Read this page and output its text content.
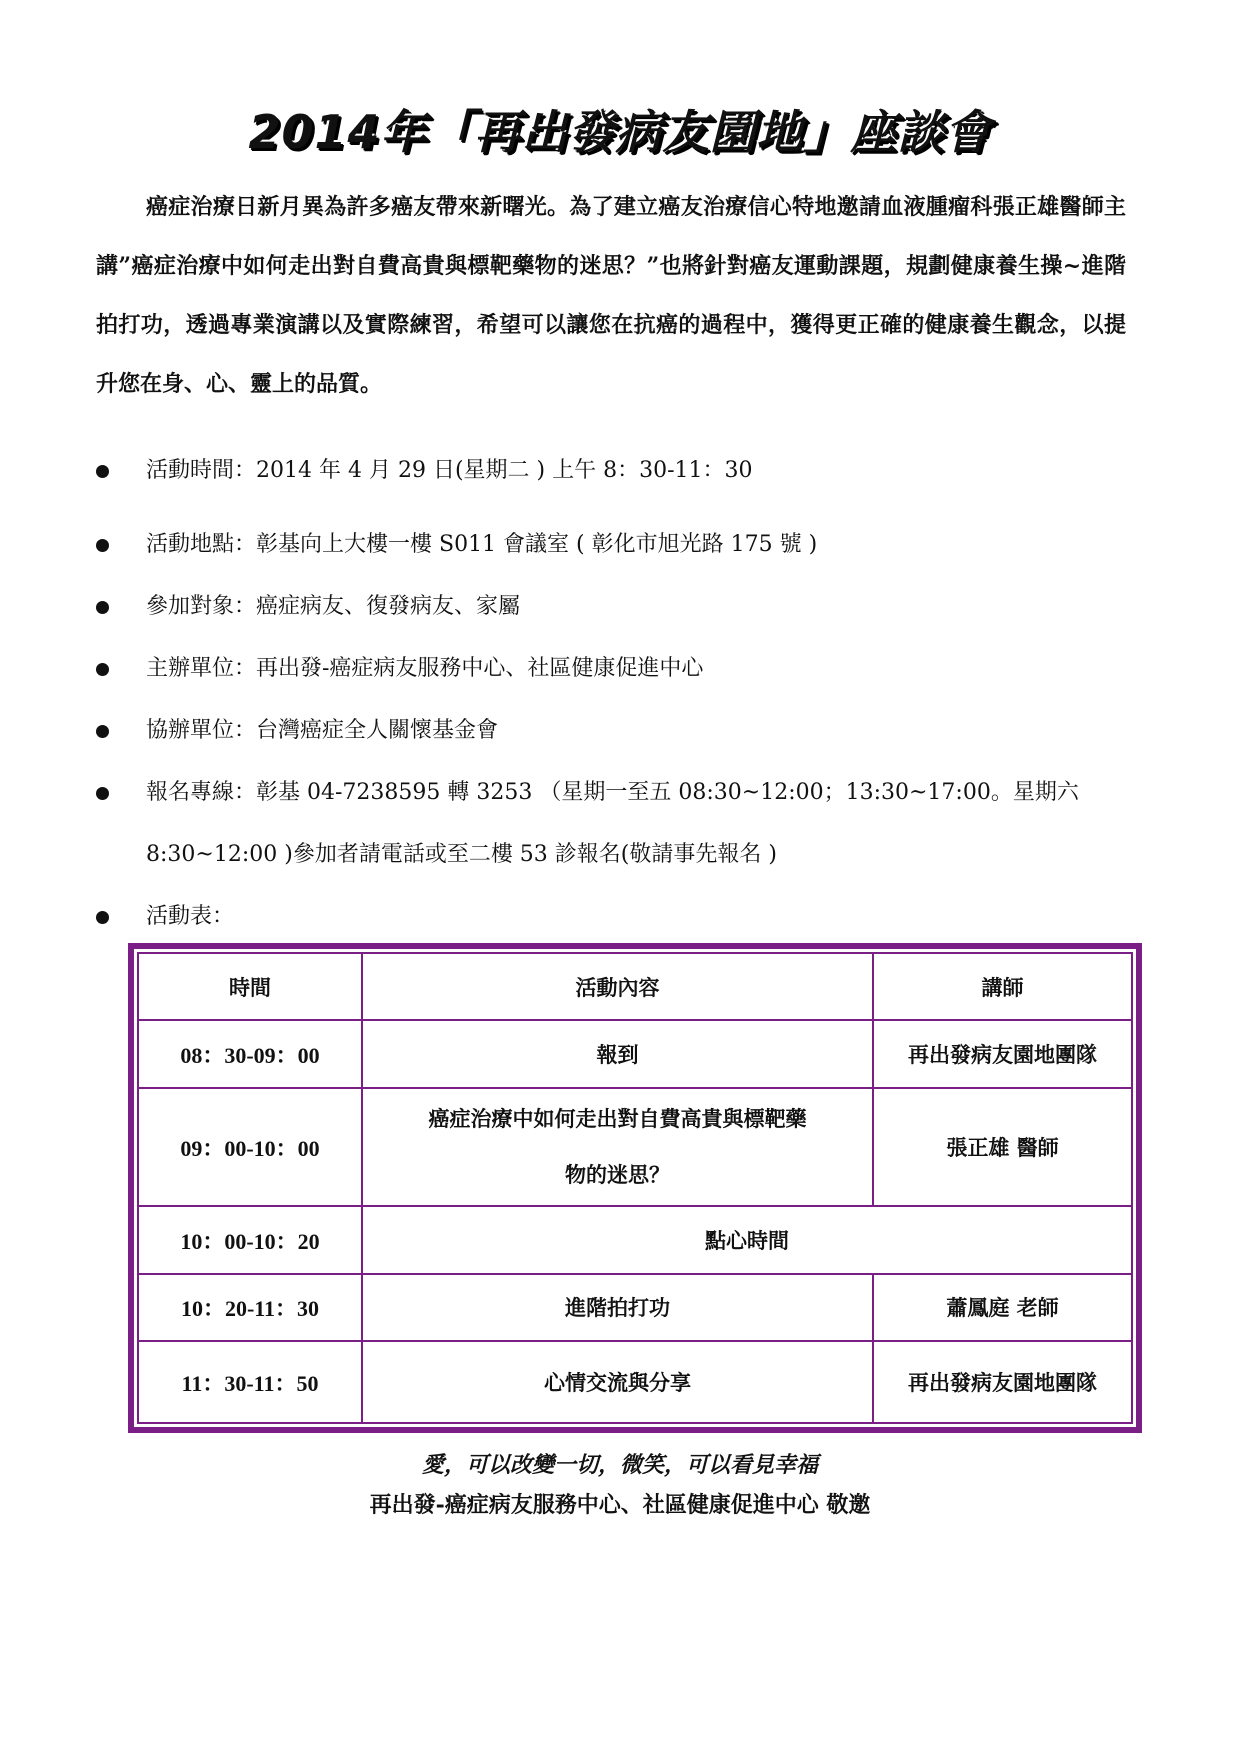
2014年「再出發病友園地」座談會
癌症治療日新月異為許多癌友帶來新曙光。為了建立癌友治療信心特地邀請血液腫瘤科張正雄醫師主講”癌症治療中如何走出對自費高貴與標靶藥物的迷思？”也將針對癌友運動課題，規劃健康養生操~進階拍打功，透過專業演講以及實際練習，希望可以讓您在抗癌的過程中，獲得更正確的健康養生觀念，以提升您在身、心、靈上的品質。
活動時間：2014 年 4 月 29 日(星期二 ) 上午 8：30-11：30
活動地點：彰基向上大樓一樓 S011 會議室 ( 彰化市旭光路 175 號 )
參加對象：癌症病友、復發病友、家屬
主辦單位：再出發-癌症病友服務中心、社區健康促進中心
協辦單位：台灣癌症全人關懷基金會
報名專線：彰基 04-7238595 轉 3253 （星期一至五 08:30~12:00；13:30~17:00。星期六 8:30~12:00 )參加者請電話或至二樓 53 診報名(敬請事先報名 )
活動表：
時間	活動內容	講師
08：30-09：00	報到	再出發病友園地團隊
09：00-10：00	癌症治療中如何走出對自費高貴與標靶藥物的迷思？	張正雄 醫師
10：00-10：20	點心時間	
10：20-11：30	進階拍打功	蕭鳳庭 老師
11：30-11：50	心情交流與分享	再出發病友園地團隊
愛，可以改變一切，微笑，可以看見幸福
再出發-癌症病友服務中心、社區健康促進中心 敬邀
